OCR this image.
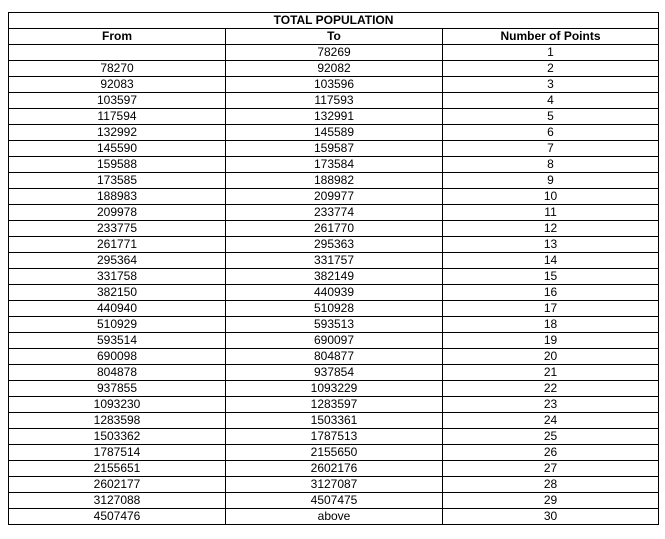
TOTAL POPULATION		
From	To	Number of Points
	78269	1
78270	92082	2
92083	103596	3
103597	117593	4
117594	132991	5
132992	145589	6
145590	159587	7
159588	173584	8
173585	188982	9
188983	209977	10
209978	233774	11
233775	261770	12
261771	295363	13
295364	331757	14
331758	382149	15
382150	440939	16
440940	510928	17
510929	593513	18
593514	690097	19
690098	804877	20
804878	937854	21
937855	1093229	22
1093230	1283597	23
1283598	1503361	24
1503362	1787513	25
1787514	2155650	26
2155651	2602176	27
2602177	3127087	28
3127088	4507475	29
4507476	above	30
